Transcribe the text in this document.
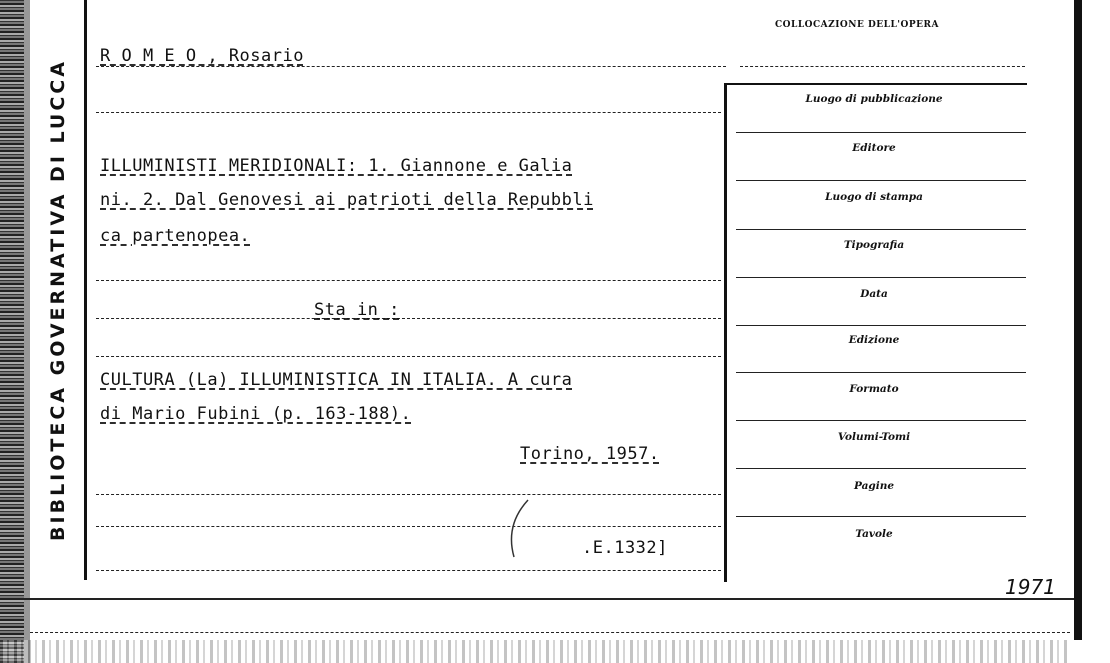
BIBLIOTECA GOVERNATIVA DI LUCCA
COLLOCAZIONE DELL'OPERA
R O M E O , Rosario
ILLUMINISTI MERIDIONALI: 1. Giannone e Galia
ni. 2. Dal Genovesi ai patrioti della Repubbli
ca partenopea.
Sta in :
CULTURA (La) ILLUMINISTICA IN ITALIA. A cura
di Mario Fubini (p. 163-188).
Torino, 1957.
.E.1332]
Luogo di pubblicazione
Editore
Luogo di stampa
Tipografia
Data
Edizione
Formato
Volumi-Tomi
Pagine
Tavole
1971
